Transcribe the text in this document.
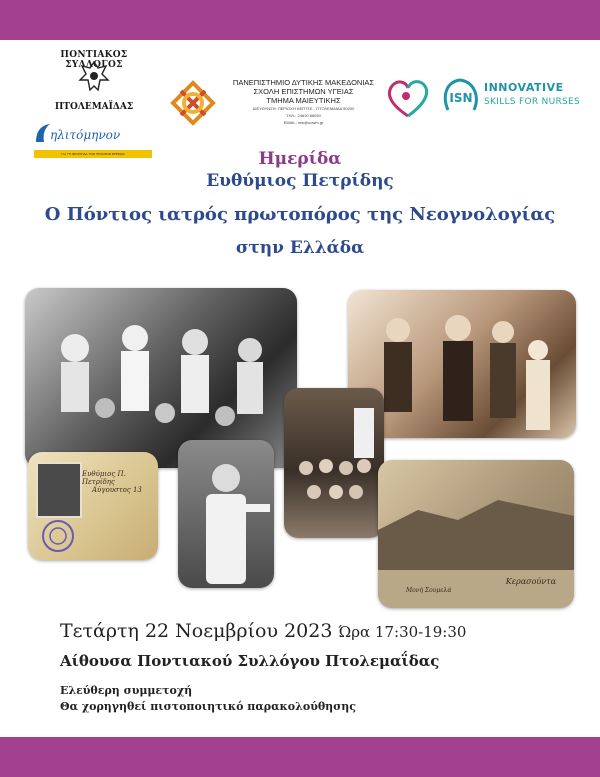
ΠΟΝΤΙΑΚΟΣ ΣΥΛΛΟΓΟΣ
ΠΤΟΛΕΜΑΪΔΑΣ
ηλιτόμηνον
ΓΙΑ ΤΗ ΦΡΟΝΤΙΔΑ ΤΩΝ ΠΡΟΩΡΩΝ ΒΡΕΦΩΝ
ΠΑΝΕΠΙΣΤΗΜΙΟ ΔΥΤΙΚΗΣ ΜΑΚΕΔΟΝΙΑΣ
ΣΧΟΛΗ ΕΠΙΣΤΗΜΩΝ ΥΓΕΙΑΣ
ΤΜΗΜΑ ΜΑΙΕΥΤΙΚΗΣ
ΔΙΕΥΘΥΝΣΗ: ΠΕΡΙΟΧΗ ΚΕΠΤΣΕ - ΠΤΟΛΕΜΑΪΔΑ 50200
ΤΗΛ.: 24610 68050
EMAIL: mw@uowm.gr
ISN
INNOVATIVE
SKILLS FOR NURSES
Ημερίδα
Ευθύμιος Πετρίδης
Ο Πόντιος ιατρός πρωτοπόρος της Νεογνολογίας
στην Ελλάδα
Ευθύμιος Π. Πετρίδης
Αύγουστος 13
Κερασούντα
Μονή Σουμελά
Τετάρτη 22 Νοεμβρίου 2023 Ώρα 17:30-19:30
Αίθουσα Ποντιακού Συλλόγου Πτολεμαΐδας
Ελεύθερη συμμετοχή
Θα χορηγηθεί πιστοποιητικό παρακολούθησης
